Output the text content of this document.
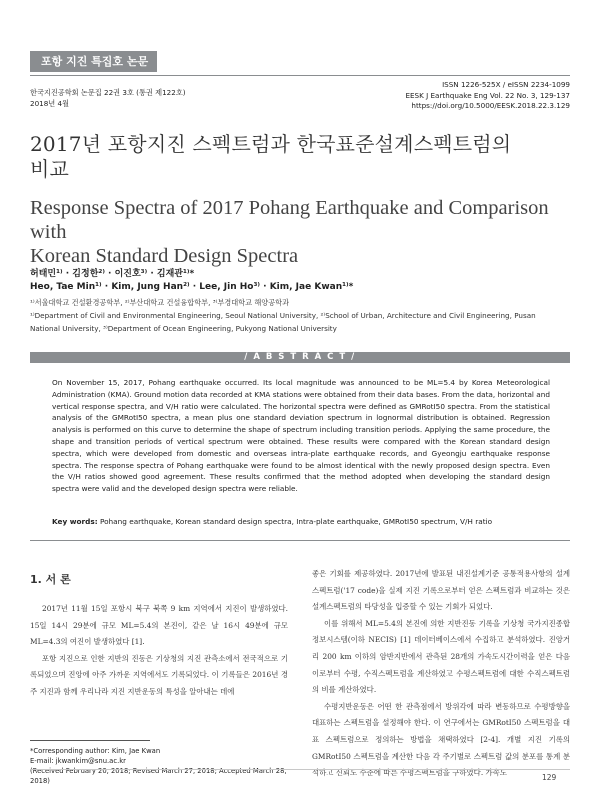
포항 지진 특집호 논문
한국지진공학회 논문집 22권 3호 (통권 제122호)
2018년 4월
ISSN 1226-525X / eISSN 2234-1099
EESK J Earthquake Eng Vol. 22 No. 3, 129-137
https://doi.org/10.5000/EESK.2018.22.3.129
2017년 포항지진 스펙트럼과 한국표준설계스펙트럼의
비교
Response Spectra of 2017 Pohang Earthquake and Comparison with
Korean Standard Design Spectra
허태민¹⁾ · 김정한²⁾ · 이진호³⁾ · 김재관¹⁾*
Heo, Tae Min¹⁾ · Kim, Jung Han²⁾ · Lee, Jin Ho³⁾ · Kim, Jae Kwan¹⁾*
¹⁾서울대학교 건설환경공학부, ²⁾부산대학교 건설융합학부, ³⁾부경대학교 해양공학과
¹⁾Department of Civil and Environmental Engineering, Seoul National University, ²⁾School of Urban, Architecture and Civil Engineering, Pusan
National University, ³⁾Department of Ocean Engineering, Pukyong National University
/ A B S T R A C T /
On November 15, 2017, Pohang earthquake occurred. Its local magnitude was announced to be ML=5.4 by Korea Meteorological Administration (KMA). Ground motion data recorded at KMA stations were obtained from their data bases. From the data, horizontal and vertical response spectra, and V/H ratio were calculated. The horizontal spectra were defined as GMRotI50 spectra. From the statistical analysis of the GMRotI50 spectra, a mean plus one standard deviation spectrum in lognormal distribution is obtained. Regression analysis is performed on this curve to determine the shape of spectrum including transition periods. Applying the same procedure, the shape and transition periods of vertical spectrum were obtained. These results were compared with the Korean standard design spectra, which were developed from domestic and overseas intra-plate earthquake records, and Gyeongju earthquake response spectra. The response spectra of Pohang earthquake were found to be almost identical with the newly proposed design spectra. Even the V/H ratios showed good agreement. These results confirmed that the method adopted when developing the standard design spectra were valid and the developed design spectra were reliable.
Key words: Pohang earthquake, Korean standard design spectra, Intra-plate earthquake, GMRotI50 spectrum, V/H ratio
1. 서 론

2017년 11월 15일 포항시 북구 북쪽 9 km 지역에서 지진이 발생하였다. 15일 14시 29분에 규모 ML=5.4의 본진이, 같은 날 16시 49분에 규모 ML=4.3의 여진이 발생하였다 [1].

포항 지진으로 인한 지반의 진동은 기상청의 지진 관측소에서 전국적으로 기록되었으며 진앙에 아주 가까운 지역에서도 기록되었다. 이 기록들은 2016년 경주 지진과 함께 우리나라 지진 지반운동의 특성을 알아내는 데에

좋은 기회를 제공하였다. 2017년에 발표된 내진설계기준 공통적용사항의 설계스펙트럼('17 code)을 실제 지진 기록으로부터 얻은 스펙트럼과 비교하는 것은 설계스펙트럼의 타당성을 입증할 수 있는 기회가 되었다.

이를 위해서 ML=5.4의 본진에 의한 지반진동 기록을 기상청 국가지진종합정보시스템(이하 NECIS) [1] 데이터베이스에서 수집하고 분석하였다. 진앙거리 200 km 이하의 암반지반에서 관측된 28개의 가속도시간이력을 얻은 다음 이로부터 수평, 수직스펙트럼을 계산하였고 수평스펙트럼에 대한 수직스펙트럼의 비를 계산하였다.

수평지반운동은 어떤 한 관측점에서 방위각에 따라 변동하므로 수평방향을 대표하는 스펙트럼을 설정해야 한다. 이 연구에서는 GMRotI50 스펙트럼을 대표 스펙트럼으로 정의하는 방법을 채택하였다 [2-4]. 개별 지진 기록의 GMRotI50 스펙트럼을 계산한 다음 각 주기별로 스펙트럼 값의 분포를 통계 분석하고 신뢰도 수준에 따른 수평스펙트럼을 구하였다. 가속도

*Corresponding author: Kim, Jae Kwan
E-mail: jkwankim@snu.ac.kr
(Received February 20, 2018; Revised March 27, 2018; Accepted March 28, 2018)	129
